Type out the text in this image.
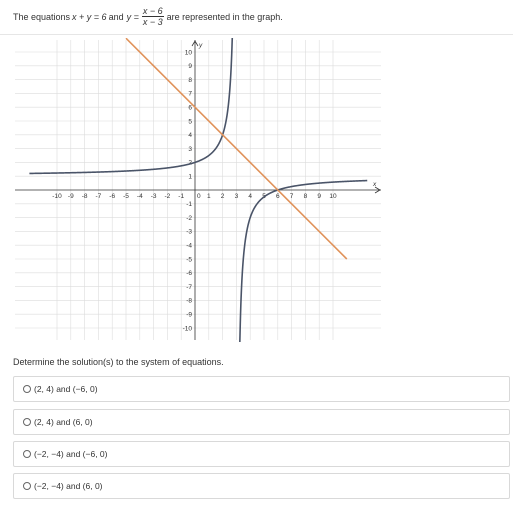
The equations x + y = 6 and $y = \frac{x - 6}{x - 3}$ are represented in the graph.
x
y
-10 -9 -8 -7 -6 -5 -4 -3 -2 -1	1 2 3 4 5 6 7 8 9 10
10
9
8
7
6
5
4
3
2
1
-1
-2
-3
-4
-5
-6
-7
-8
-9
-10
0
Determine the solution(s) to the system of equations.
(2, 4) and (−6, 0)
(2, 4) and (6, 0)
(−2, −4) and (−6, 0)
(−2, −4) and (6, 0)
